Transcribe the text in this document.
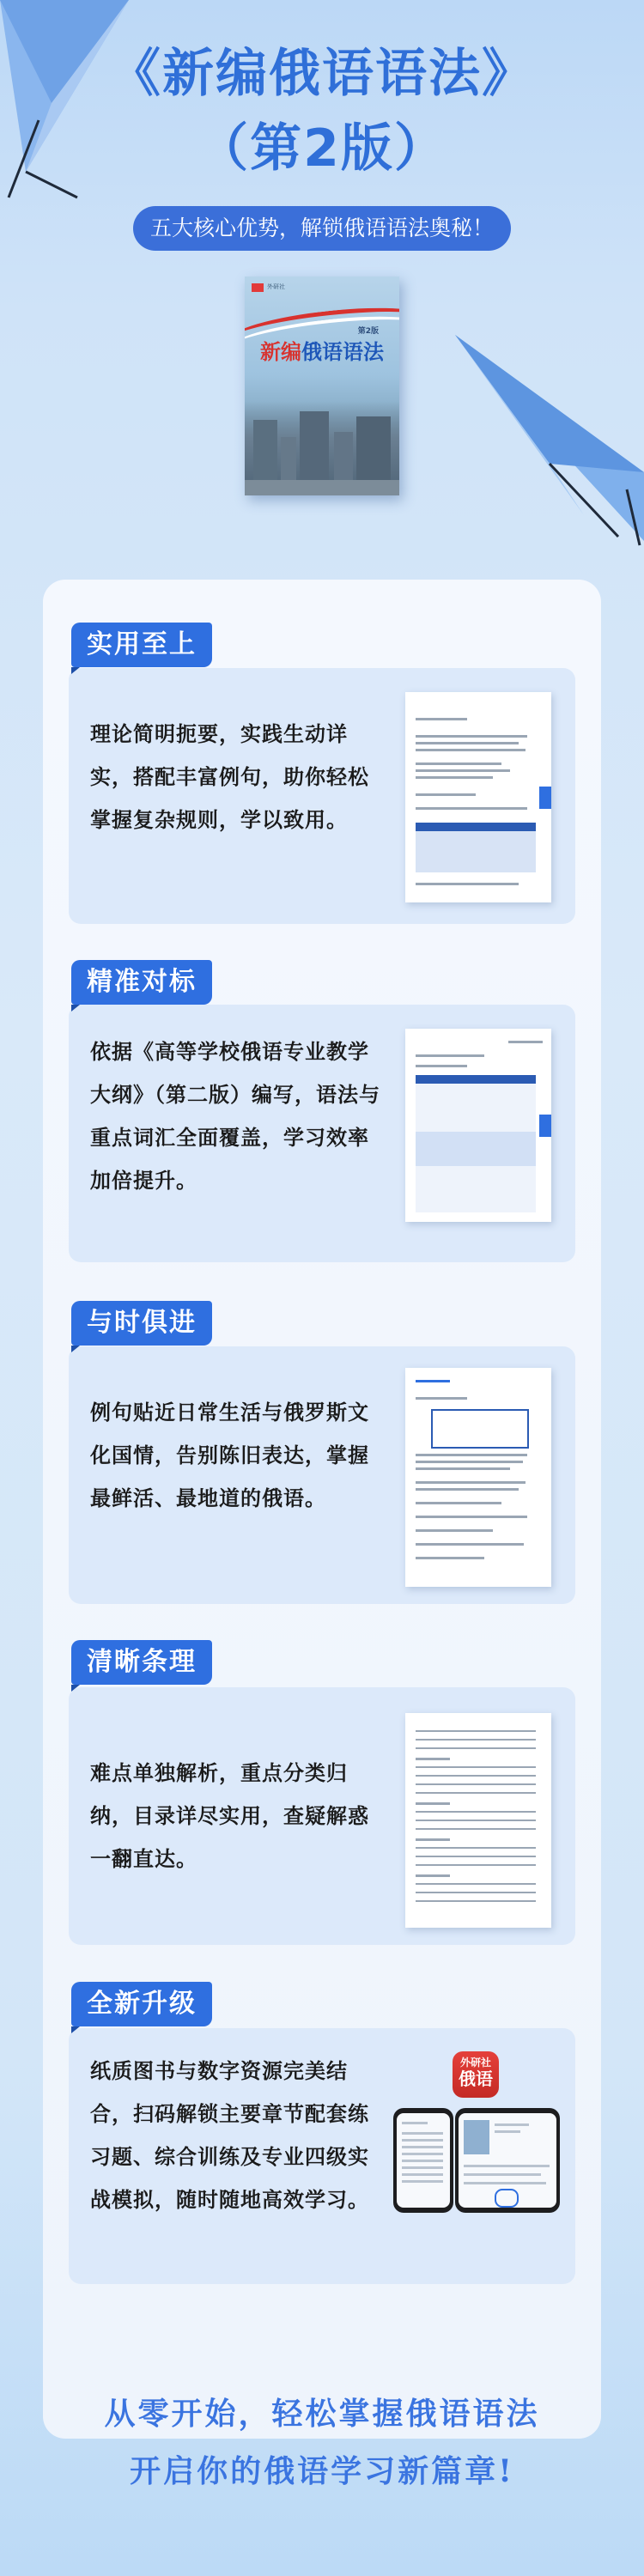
《新编俄语语法》
（第2版）
五大核心优势，解锁俄语语法奥秘！
外研社
第2版
新编俄语语法
实用至上
理论简明扼要，实践生动详实，搭配丰富例句，助你轻松掌握复杂规则，学以致用。
精准对标
依据《高等学校俄语专业教学大纲》（第二版）编写，语法与重点词汇全面覆盖，学习效率加倍提升。
与时俱进
例句贴近日常生活与俄罗斯文化国情，告别陈旧表达，掌握最鲜活、最地道的俄语。
清晰条理
难点单独解析，重点分类归纳，目录详尽实用，查疑解惑一翻直达。
全新升级
纸质图书与数字资源完美结合，扫码解锁主要章节配套练习题、综合训练及专业四级实战模拟，随时随地高效学习。
外研社
俄语
从零开始，轻松掌握俄语语法
开启你的俄语学习新篇章!
